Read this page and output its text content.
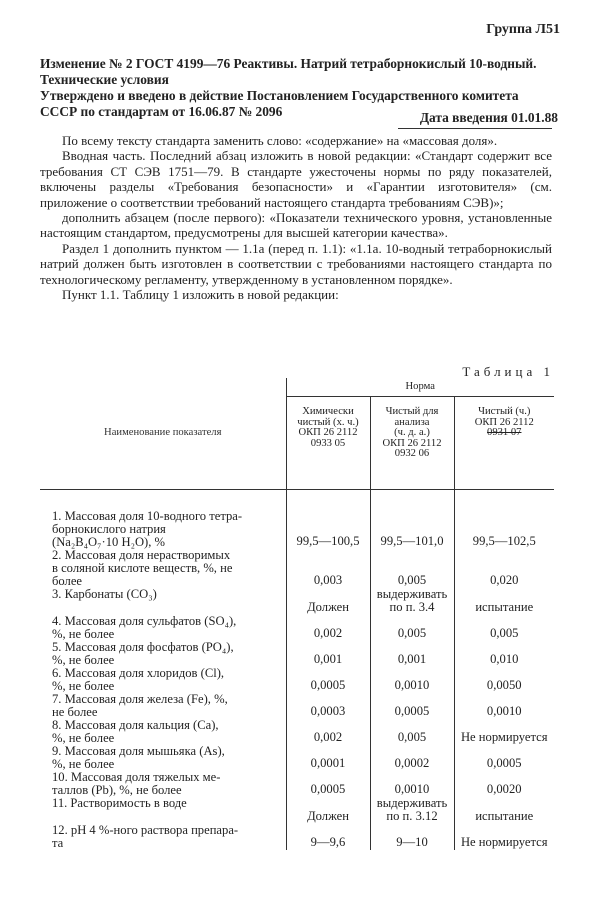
Группа Л51
Изменение № 2 ГОСТ 4199—76 Реактивы. Натрий тетраборнокислый 10-водный.
Технические условия
Утверждено и введено в действие Постановлением Государственного комитета
СССР по стандартам от 16.06.87 № 2096	Дата введения 01.01.88

По всему тексту стандарта заменить слово: «содержание» на «массовая доля».

Вводная часть. Последний абзац изложить в новой редакции: «Стандарт содержит все требования СТ СЭВ 1751—79. В стандарте ужесточены нормы по ряду показателей, включены разделы «Требования безопасности» и «Гарантии изготовителя» (см. приложение о соответствии требований настоящего стандарта требованиям СЭВ)»;

дополнить абзацем (после первого): «Показатели технического уровня, установленные настоящим стандартом, предусмотрены для высшей категории качества».

Раздел 1 дополнить пунктом — 1.1а (перед п. 1.1): «1.1а. 10-водный тетраборнокислый натрий должен быть изготовлен в соответствии с требованиями настоящего стандарта по технологическому регламенту, утвержденному в установленном порядке».

Пункт 1.1. Таблицу 1 изложить в новой редакции:

Таблица 1
Наименование показателя	Норма		

	Химически
чистый (х. ч.)
ОКП 26 2112
0933 05	Чистый для
анализа
(ч. д. а.)
ОКП 26 2112
0932 06	Чистый (ч.)
ОКП 26 2112
0931 07

1. Массовая доля 10-водного тетра-
борнокислого натрия
(Na₂B₄O₇·10 H₂O), %	99,5—100,5	99,5—101,0	99,5—102,5

2. Массовая доля нерастворимых
в соляной кислоте веществ, %, не
более	0,003	0,005	0,020

3. Карбонаты (CO₃)	Должен	выдерживать
по п. 3.4	испытание

4. Массовая доля сульфатов (SO₄),
%, не более	0,002	0,005	0,005

5. Массовая доля фосфатов (PO₄),
%, не более	0,001	0,001	0,010

6. Массовая доля хлоридов (Cl),
%, не более	0,0005	0,0010	0,0050

7. Массовая доля железа (Fe), %,
не более	0,0003	0,0005	0,0010

8. Массовая доля кальция (Ca),
%, не более	0,002	0,005	Не нормируется

9. Массовая доля мышьяка (As),
%, не более	0,0001	0,0002	0,0005

10. Массовая доля тяжелых ме-
таллов (Pb), %, не более	0,0005	0,0010	0,0020

11. Растворимость в воде	Должен	выдерживать
по п. 3.12	испытание

12. pH 4 %-ного раствора препара-
та	9—9,6	9—10	Не нормируется
